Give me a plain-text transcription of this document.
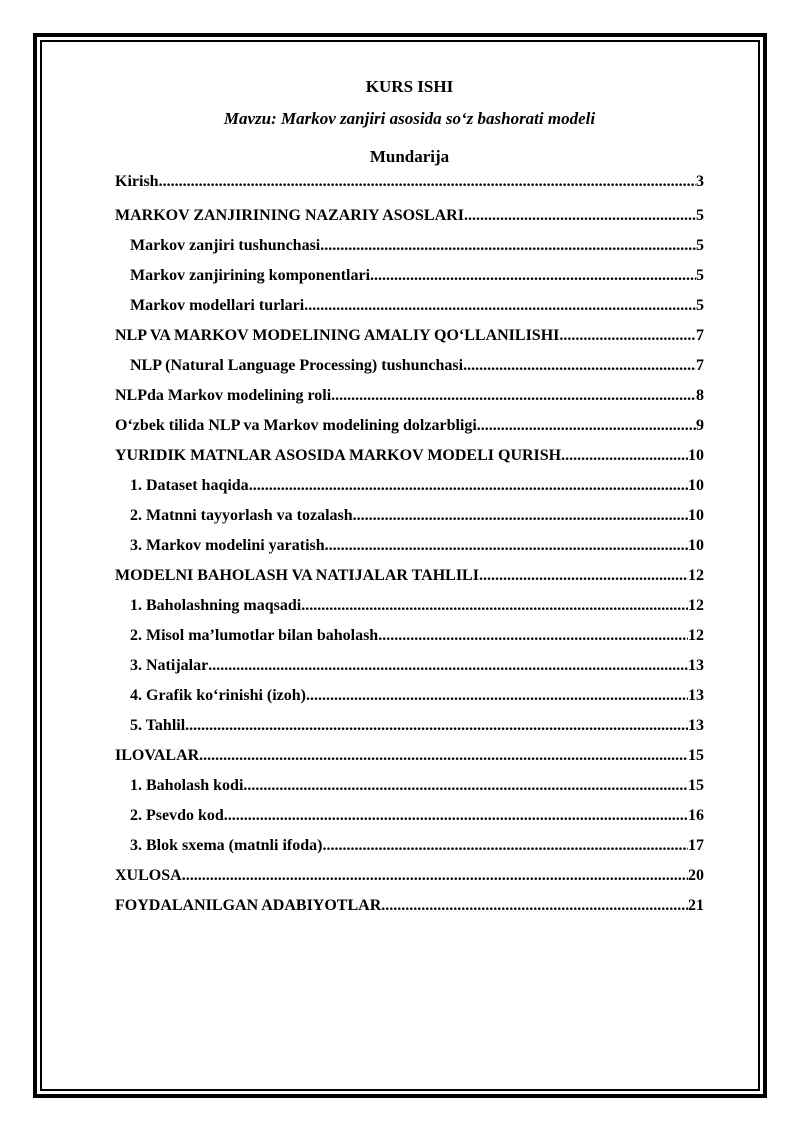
KURS ISHI

Mavzu: Markov zanjiri asosida so‘z bashorati modeli

Mundarija

Kirish .....	3
MARKOV ZANJIRINING NAZARIY ASOSLARI .....	5
Markov zanjiri tushunchasi .....	5
Markov zanjirining komponentlari .....	5
Markov modellari turlari .....	5
NLP VA MARKOV MODELINING AMALIY QO‘LLANILISHI .....	7
NLP (Natural Language Processing) tushunchasi .....	7
NLPda Markov modelining roli .....	8
O‘zbek tilida NLP va Markov modelining dolzarbligi .....	9
YURIDIK MATNLAR ASOSIDA MARKOV MODELI QURISH .....	10
1. Dataset haqida .....	10
2. Matnni tayyorlash va tozalash .....	10
3. Markov modelini yaratish .....	10
MODELNI BAHOLASH VA NATIJALAR TAHLILI .....	12
1. Baholashning maqsadi .....	12
2. Misol ma’lumotlar bilan baholash .....	12
3. Natijalar .....	13
4. Grafik ko‘rinishi (izoh) .....	13
5. Tahlil .....	13
ILOVALAR .....	15
1. Baholash kodi .....	15
2. Psevdo kod .....	16
3. Blok sxema (matnli ifoda) .....	17
XULOSA .....	20
FOYDALANILGAN ADABIYOTLAR .....	21
